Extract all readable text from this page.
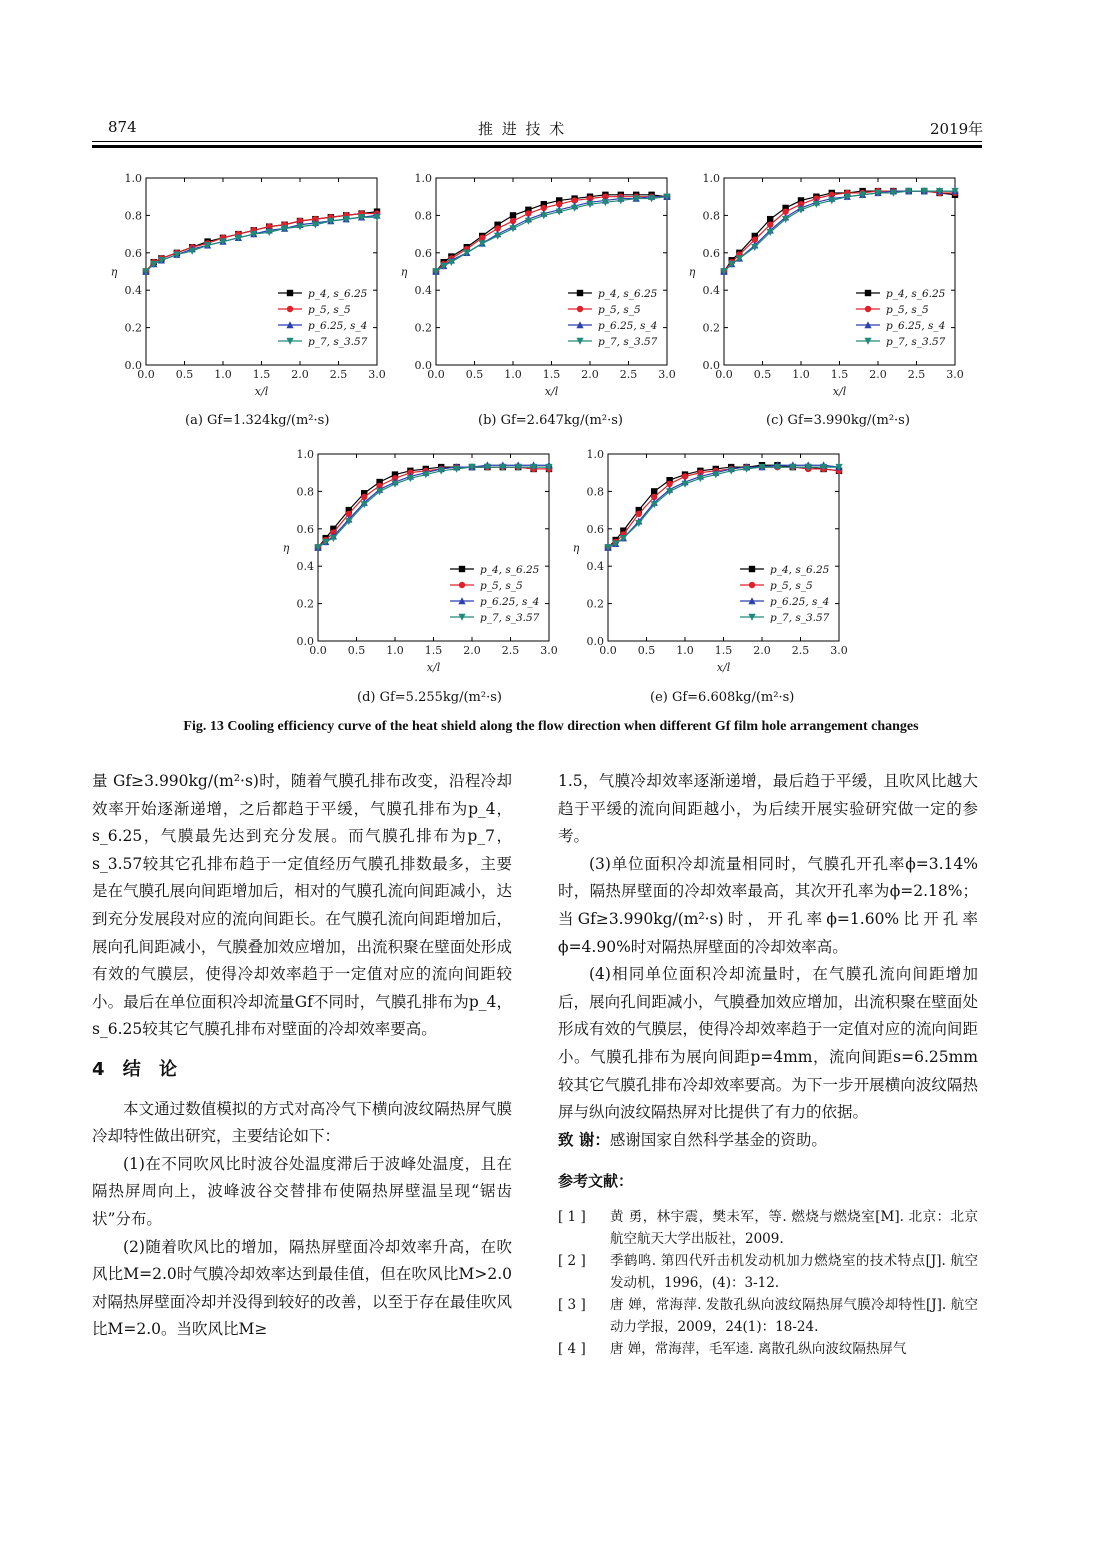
874	推 进 技 术	2019年
0.0 0.5 1.0 1.5 2.0 2.5 3.0
0.0
0.2
0.4
0.6
0.8
1.0
x/l
η
p_4, s_6.25
p_5, s_5
p_6.25, s_4
p_7, s_3.57
0.0 0.5 1.0 1.5 2.0 2.5 3.0
0.0
0.2
0.4
0.6
0.8
1.0
x/l
η
p_4, s_6.25
p_5, s_5
p_6.25, s_4
p_7, s_3.57
0.0 0.5 1.0 1.5 2.0 2.5 3.0
0.0
0.2
0.4
0.6
0.8
1.0
x/l
η
p_4, s_6.25
p_5, s_5
p_6.25, s_4
p_7, s_3.57
0.0 0.5 1.0 1.5 2.0 2.5 3.0
0.0
0.2
0.4
0.6
0.8
1.0
x/l
η
p_4, s_6.25
p_5, s_5
p_6.25, s_4
p_7, s_3.57
0.0 0.5 1.0 1.5 2.0 2.5 3.0
0.0
0.2
0.4
0.6
0.8
1.0
x/l
η
p_4, s_6.25
p_5, s_5
p_6.25, s_4
p_7, s_3.57
(a) Gf=1.324kg/(m²·s)	(b) Gf=2.647kg/(m²·s)	(c) Gf=3.990kg/(m²·s)
(d) Gf=5.255kg/(m²·s)	(e) Gf=6.608kg/(m²·s)
Fig. 13 Cooling efficiency curve of the heat shield along the flow direction when different Gf film hole arrangement changes

量 Gf≥3.990kg/(m²·s)时，随着气膜孔排布改变，沿程冷却效率开始逐渐递增，之后都趋于平缓，气膜孔排布为p_4，s_6.25，气膜最先达到充分发展。而气膜孔排布为p_7，s_3.57较其它孔排布趋于一定值经历气膜孔排数最多，主要是在气膜孔展向间距增加后，相对的气膜孔流向间距减小，达到充分发展段对应的流向间距长。在气膜孔流向间距增加后，展向孔间距减小，气膜叠加效应增加，出流积聚在壁面处形成有效的气膜层，使得冷却效率趋于一定值对应的流向间距较小。最后在单位面积冷却流量Gf不同时，气膜孔排布为p_4，s_6.25较其它气膜孔排布对壁面的冷却效率要高。

4 结 论

本文通过数值模拟的方式对高冷气下横向波纹隔热屏气膜冷却特性做出研究，主要结论如下：

(1)在不同吹风比时波谷处温度滞后于波峰处温度，且在隔热屏周向上，波峰波谷交替排布使隔热屏壁温呈现“锯齿状”分布。

(2)随着吹风比的增加，隔热屏壁面冷却效率升高，在吹风比M=2.0时气膜冷却效率达到最佳值，但在吹风比M>2.0对隔热屏壁面冷却并没得到较好的改善，以至于存在最佳吹风比M=2.0。当吹风比M≥

1.5，气膜冷却效率逐渐递增，最后趋于平缓，且吹风比越大趋于平缓的流向间距越小，为后续开展实验研究做一定的参考。

(3)单位面积冷却流量相同时，气膜孔开孔率ϕ=3.14%时，隔热屏壁面的冷却效率最高，其次开孔率为ϕ=2.18%；当Gf≥3.990kg/(m²·s)时，开孔率ϕ=1.60%比开孔率ϕ=4.90%时对隔热屏壁面的冷却效率高。

(4)相同单位面积冷却流量时，在气膜孔流向间距增加后，展向孔间距减小，气膜叠加效应增加，出流积聚在壁面处形成有效的气膜层，使得冷却效率趋于一定值对应的流向间距小。气膜孔排布为展向间距p=4mm，流向间距s=6.25mm较其它气膜孔排布冷却效率要高。为下一步开展横向波纹隔热屏与纵向波纹隔热屏对比提供了有力的依据。

致 谢：感谢国家自然科学基金的资助。

参考文献：
[ 1 ]	黄 勇，林宇震，樊未军，等. 燃烧与燃烧室[M]. 北京：北京航空航天大学出版社，2009.
[ 2 ]	季鹤鸣. 第四代歼击机发动机加力燃烧室的技术特点[J]. 航空发动机，1996，(4)：3-12.
[ 3 ]	唐 婵，常海萍. 发散孔纵向波纹隔热屏气膜冷却特性[J]. 航空动力学报，2009，24(1)：18-24.
[ 4 ]	唐 婵，常海萍，毛军逵. 离散孔纵向波纹隔热屏气
